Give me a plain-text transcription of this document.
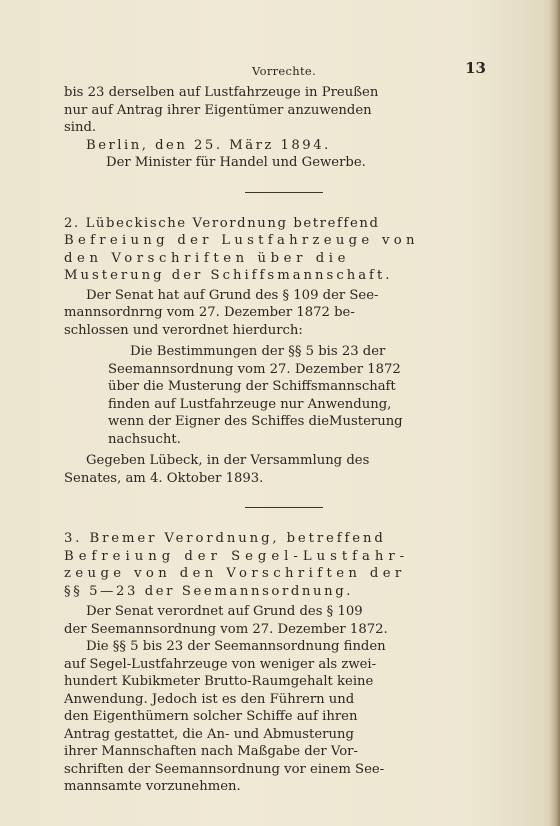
Vorrechte.	13

bis 23 derselben auf Lustfahrzeuge in Preußen

nur auf Antrag ihrer Eigentümer anzuwenden

sind.

Berlin, den 25. März 1894.

Der Minister für Handel und Gewerbe.

2. Lübeckische Verordnung betreffend

Befreiung der Lustfahrzeuge von

den Vorschriften über die

Musterung der Schiffsmannschaft.

Der Senat hat auf Grund des § 109 der See-

mannsordnrng vom 27. Dezember 1872 be-

schlossen und verordnet hierdurch:

Die Bestimmungen der §§ 5 bis 23 der

Seemannsordnung vom 27. Dezember 1872

über die Musterung der Schiffsmannschaft

finden auf Lustfahrzeuge nur Anwendung,

wenn der Eigner des Schiffes dieMusterung

nachsucht.

Gegeben Lübeck, in der Versammlung des

Senates, am 4. Oktober 1893.

3. Bremer Verordnung, betreffend

Befreiung der Segel-Lustfahr-

zeuge von den Vorschriften der

§§ 5—23 der Seemannsordnung.

Der Senat verordnet auf Grund des § 109

der Seemannsordnung vom 27. Dezember 1872.

Die §§ 5 bis 23 der Seemannsordnung finden

auf Segel-Lustfahrzeuge von weniger als zwei-

hundert Kubikmeter Brutto-Raumgehalt keine

Anwendung. Jedoch ist es den Führern und

den Eigenthümern solcher Schiffe auf ihren

Antrag gestattet, die An- und Abmusterung

ihrer Mannschaften nach Maßgabe der Vor-

schriften der Seemannsordnung vor einem See-

mannsamte vorzunehmen.
